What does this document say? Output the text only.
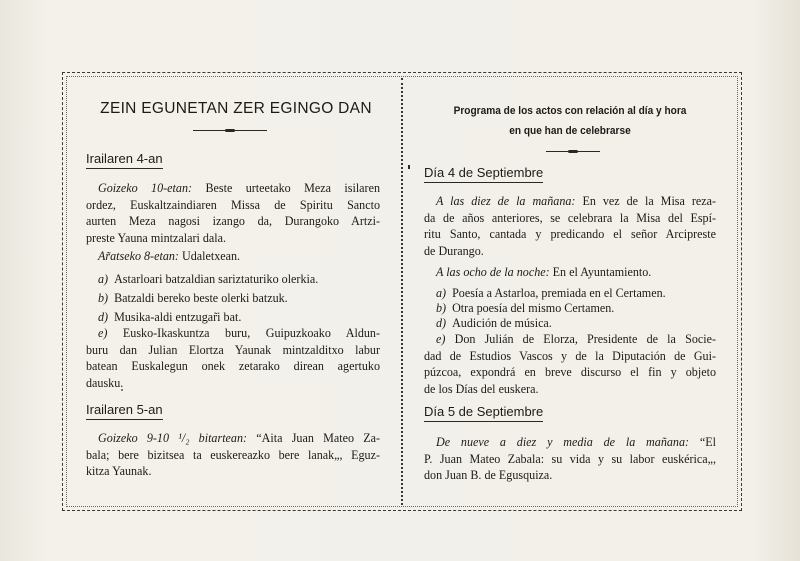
ZEIN EGUNETAN ZER EGINGO DAN
Irailaren 4-an
Goizeko 10-etan: Beste urteetako Meza isilaren
ordez, Euskaltzaindiaren Missa de Spiritu Sancto
aurten Meza nagosi izango da, Durangoko Artzi-
preste Yauna mintzalari dala.
Ar̃atseko 8-etan: Udaletxean.
a) Astarloari batzaldian sariztaturiko olerkia.
b) Batzaldi bereko beste olerki batzuk.
d) Musika-aldi entzugar̃i bat.
e) Eusko-Ikaskuntza buru, Guipuzkoako Aldun-
buru dan Julian Elortza Yaunak mintzalditxo labur
batean Euskalegun onek zetarako direan agertuko
dausku.
Irailaren 5-an
Goizeko 9-10 ¹/₂ bitartean: “Aita Juan Mateo Za-
bala; bere bizitsea ta euskereazko bere lanak„, Eguz-
kitza Yaunak.
Programa de los actos con relación al día y hora
en que han de celebrarse
Día 4 de Septiembre
A las diez de la mañana: En vez de la Misa reza-
da de años anteriores, se celebrara la Misa del Espí-
ritu Santo, cantada y predicando el señor Arcipreste
de Durango.
A las ocho de la noche: En el Ayuntamiento.
a) Poesía a Astarloa, premiada en el Certamen.
b) Otra poesía del mismo Certamen.
d) Audición de música.
e) Don Julián de Elorza, Presidente de la Socie-
dad de Estudios Vascos y de la Diputación de Gui-
púzcoa, expondrá en breve discurso el fin y objeto
de los Días del euskera.
Día 5 de Septiembre
De nueve a diez y media de la mañana: “El
P. Juan Mateo Zabala: su vida y su labor euskérica„,
don Juan B. de Egusquiza.
